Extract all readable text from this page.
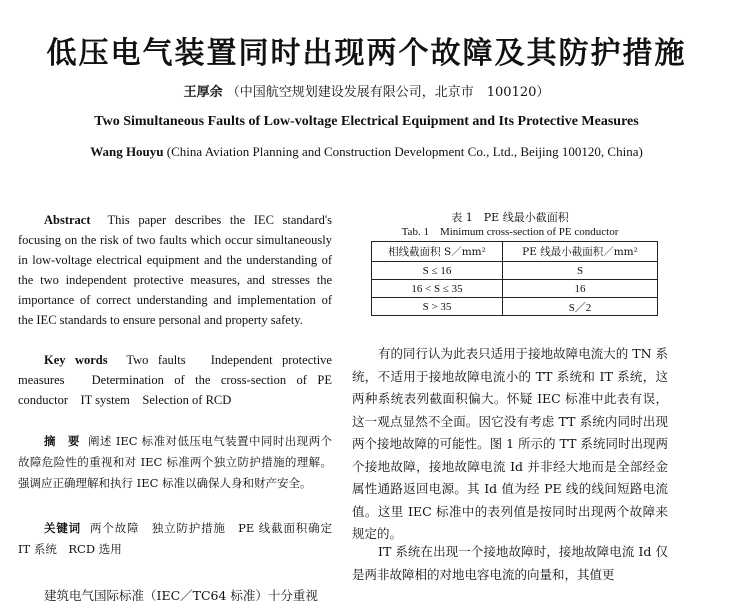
低压电气装置同时出现两个故障及其防护措施
王厚余 （中国航空规划建设发展有限公司，北京市　100120）
Two Simultaneous Faults of Low-voltage Electrical Equipment and Its Protective Measures
Wang Houyu (China Aviation Planning and Construction Development Co., Ltd., Beijing 100120, China)
Abstract This paper describes the IEC standard's focusing on the risk of two faults which occur simultaneously in low-voltage electrical equipment and the understanding of the two independent protective measures, and stresses the importance of correct understanding and implementation of the IEC standards to ensure personal and property safety.
Key words Two faults　Independent protective measures　Determination of the cross-section of PE conductor　IT system　Selection of RCD
摘　要 阐述 IEC 标准对低压电气装置中同时出现两个故障危险性的重视和对 IEC 标准两个独立防护措施的理解。强调应正确理解和执行 IEC 标准以确保人身和财产安全。
关键词 两个故障　独立防护措施　PE 线截面积确定　IT 系统　RCD 选用
建筑电气国际标准（IEC／TC64 标准）十分重视
表 1　PE 线最小截面积
Tab. 1　Minimum cross-section of PE conductor
相线截面积 S／mm²	PE 线最小截面积／mm²
S ≤ 16	S
16 < S ≤ 35	16
S > 35	S／2
有的同行认为此表只适用于接地故障电流大的 TN 系统，不适用于接地故障电流小的 TT 系统和 IT 系统，这两种系统表列截面积偏大。怀疑 IEC 标准中此表有误，这一观点显然不全面。因它没有考虑 TT 系统内同时出现两个接地故障的可能性。图 1 所示的 TT 系统同时出现两个接地故障，接地故障电流 Id 并非经大地而是全部经金属性通路返回电源。其 Id 值为经 PE 线的线间短路电流值。这里 IEC 标准中的表列值是按同时出现两个故障来规定的。
IT 系统在出现一个接地故障时，接地故障电流 Id 仅是两非故障相的对地电容电流的向量和，其值更
